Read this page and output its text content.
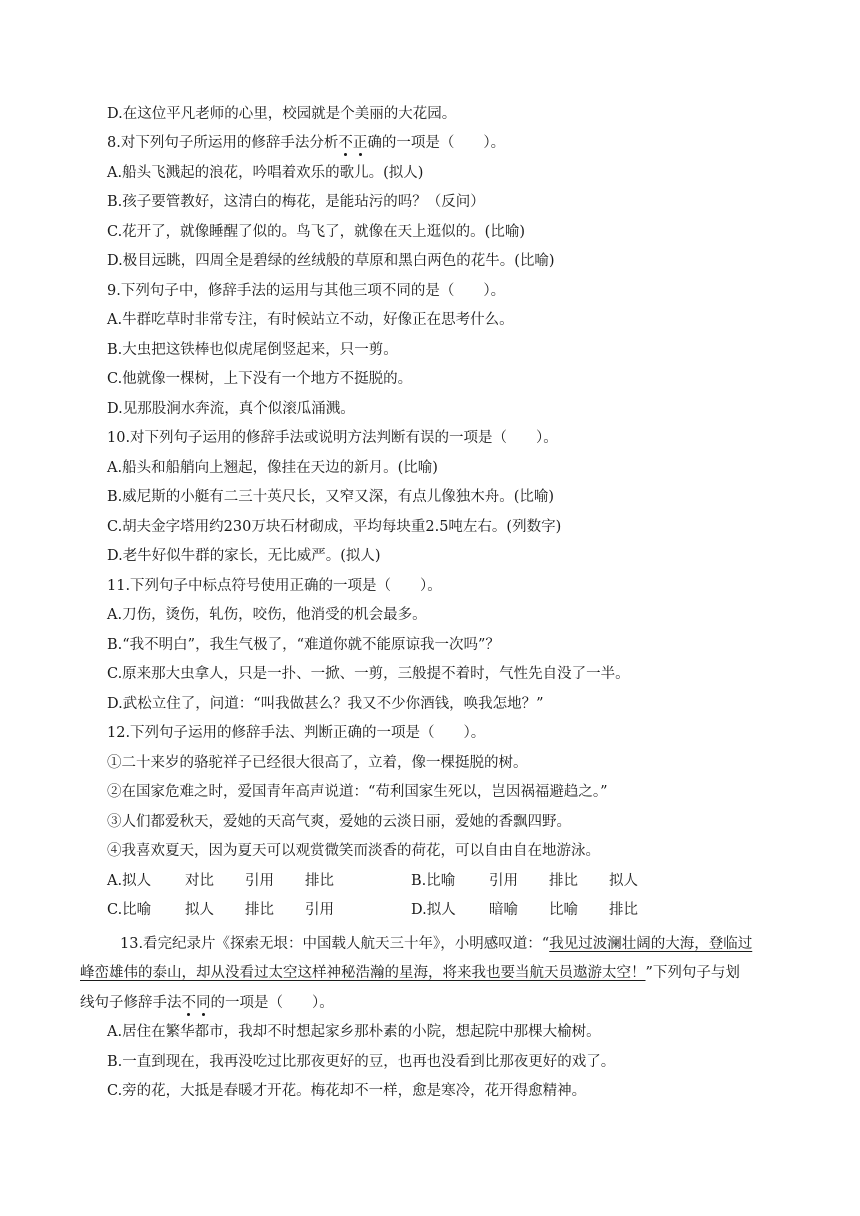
D.在这位平凡老师的心里，校园就是个美丽的大花园。
8.对下列句子所运用的修辞手法分析不正确的一项是（　　）。
A.船头飞溅起的浪花，吟唱着欢乐的歌儿。(拟人)
B.孩子要管教好，这清白的梅花，是能玷污的吗？（反问）
C.花开了，就像睡醒了似的。鸟飞了，就像在天上逛似的。(比喻)
D.极目远眺，四周全是碧绿的丝绒般的草原和黑白两色的花牛。(比喻)
9.下列句子中，修辞手法的运用与其他三项不同的是（　　）。
A.牛群吃草时非常专注，有时候站立不动，好像正在思考什么。
B.大虫把这铁棒也似虎尾倒竖起来，只一剪。
C.他就像一棵树，上下没有一个地方不挺脱的。
D.见那股涧水奔流，真个似滚瓜涌溅。
10.对下列句子运用的修辞手法或说明方法判断有误的一项是（　　）。
A.船头和船艄向上翘起，像挂在天边的新月。(比喻)
B.威尼斯的小艇有二三十英尺长，又窄又深，有点儿像独木舟。(比喻)
C.胡夫金字塔用约230万块石材砌成，平均每块重2.5吨左右。(列数字)
D.老牛好似牛群的家长，无比威严。(拟人)
11.下列句子中标点符号使用正确的一项是（　　）。
A.刀伤，烫伤，轧伤，咬伤，他消受的机会最多。
B.“我不明白”，我生气极了，“难道你就不能原谅我一次吗”？
C.原来那大虫拿人，只是一扑、一掀、一剪，三般提不着时，气性先自没了一半。
D.武松立住了，问道：“叫我做甚么？我又不少你酒钱，唤我怎地？”
12.下列句子运用的修辞手法、判断正确的一项是（　　）。
①二十来岁的骆驼祥子已经很大很高了，立着，像一棵挺脱的树。
②在国家危难之时，爱国青年高声说道：“苟利国家生死以，岂因祸福避趋之。”
③人们都爱秋天，爱她的天高气爽，爱她的云淡日丽，爱她的香飘四野。
④我喜欢夏天，因为夏天可以观赏微笑而淡香的荷花，可以自由自在地游泳。
A.拟人 对比 引用 排比	B.比喻 引用 排比 拟人
C.比喻 拟人 排比 引用	D.拟人 暗喻 比喻 排比
13.看完纪录片《探索无垠：中国载人航天三十年》，小明感叹道：“我见过波澜壮阔的大海，登临过
峰峦雄伟的泰山，却从没看过太空这样神秘浩瀚的星海，将来我也要当航天员遨游太空！”下列句子与划
线句子修辞手法不同的一项是（　　）。
A.居住在繁华都市，我却不时想起家乡那朴素的小院，想起院中那棵大榆树。
B.一直到现在，我再没吃过比那夜更好的豆，也再也没看到比那夜更好的戏了。
C.旁的花，大抵是春暖才开花。梅花却不一样，愈是寒冷，花开得愈精神。
